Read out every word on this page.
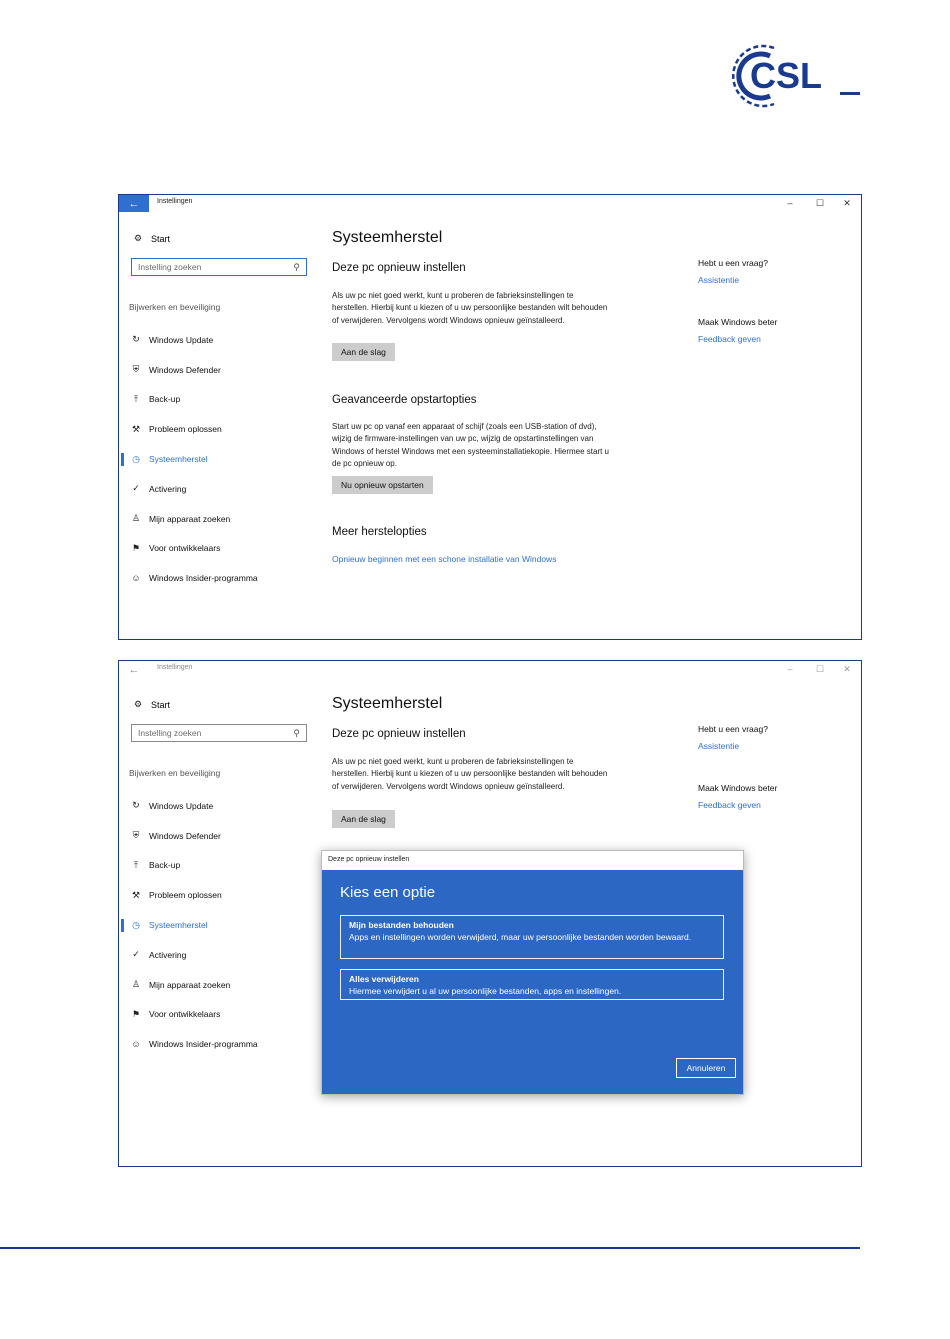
CSL
←	Instellingen	–	☐	✕
⚙ Start
Instelling zoeken	⚲
Bijwerken en beveiliging
↻	Windows Update
⛨	Windows Defender
⤒	Back-up
⚒	Probleem oplossen
◷	Systeemherstel
✓	Activering
♙	Mijn apparaat zoeken
⚑	Voor ontwikkelaars
☺ Windows Insider-programma
Systeemherstel
Deze pc opnieuw instellen
Als uw pc niet goed werkt, kunt u proberen de fabrieksinstellingen te herstellen. Hierbij kunt u kiezen of u uw persoonlijke bestanden wilt behouden of verwijderen. Vervolgens wordt Windows opnieuw geïnstalleerd.
Aan de slag
Geavanceerde opstartopties
Start uw pc op vanaf een apparaat of schijf (zoals een USB-station of dvd), wijzig de firmware-instellingen van uw pc, wijzig de opstartinstellingen van Windows of herstel Windows met een systeeminstallatiekopie. Hiermee start u de pc opnieuw op.
Nu opnieuw opstarten
Meer herstelopties
Opnieuw beginnen met een schone installatie van Windows
Hebt u een vraag?
Assistentie
Maak Windows beter
Feedback geven
←	Instellingen	–	☐	✕
⚙ Start
Instelling zoeken	⚲
Bijwerken en beveiliging
↻	Windows Update
⛨	Windows Defender
⤒	Back-up
⚒	Probleem oplossen
◷	Systeemherstel
✓	Activering
♙	Mijn apparaat zoeken
⚑	Voor ontwikkelaars
☺ Windows Insider-programma
Systeemherstel
Deze pc opnieuw instellen
Als uw pc niet goed werkt, kunt u proberen de fabrieksinstellingen te herstellen. Hierbij kunt u kiezen of u uw persoonlijke bestanden wilt behouden of verwijderen. Vervolgens wordt Windows opnieuw geïnstalleerd.
Aan de slag
Hebt u een vraag?
Assistentie
Maak Windows beter
Feedback geven
Deze pc opnieuw instellen
Kies een optie
Mijn bestanden behouden
Apps en instellingen worden verwijderd, maar uw persoonlijke bestanden worden bewaard.
Alles verwijderen
Hiermee verwijdert u al uw persoonlijke bestanden, apps en instellingen.
Annuleren
